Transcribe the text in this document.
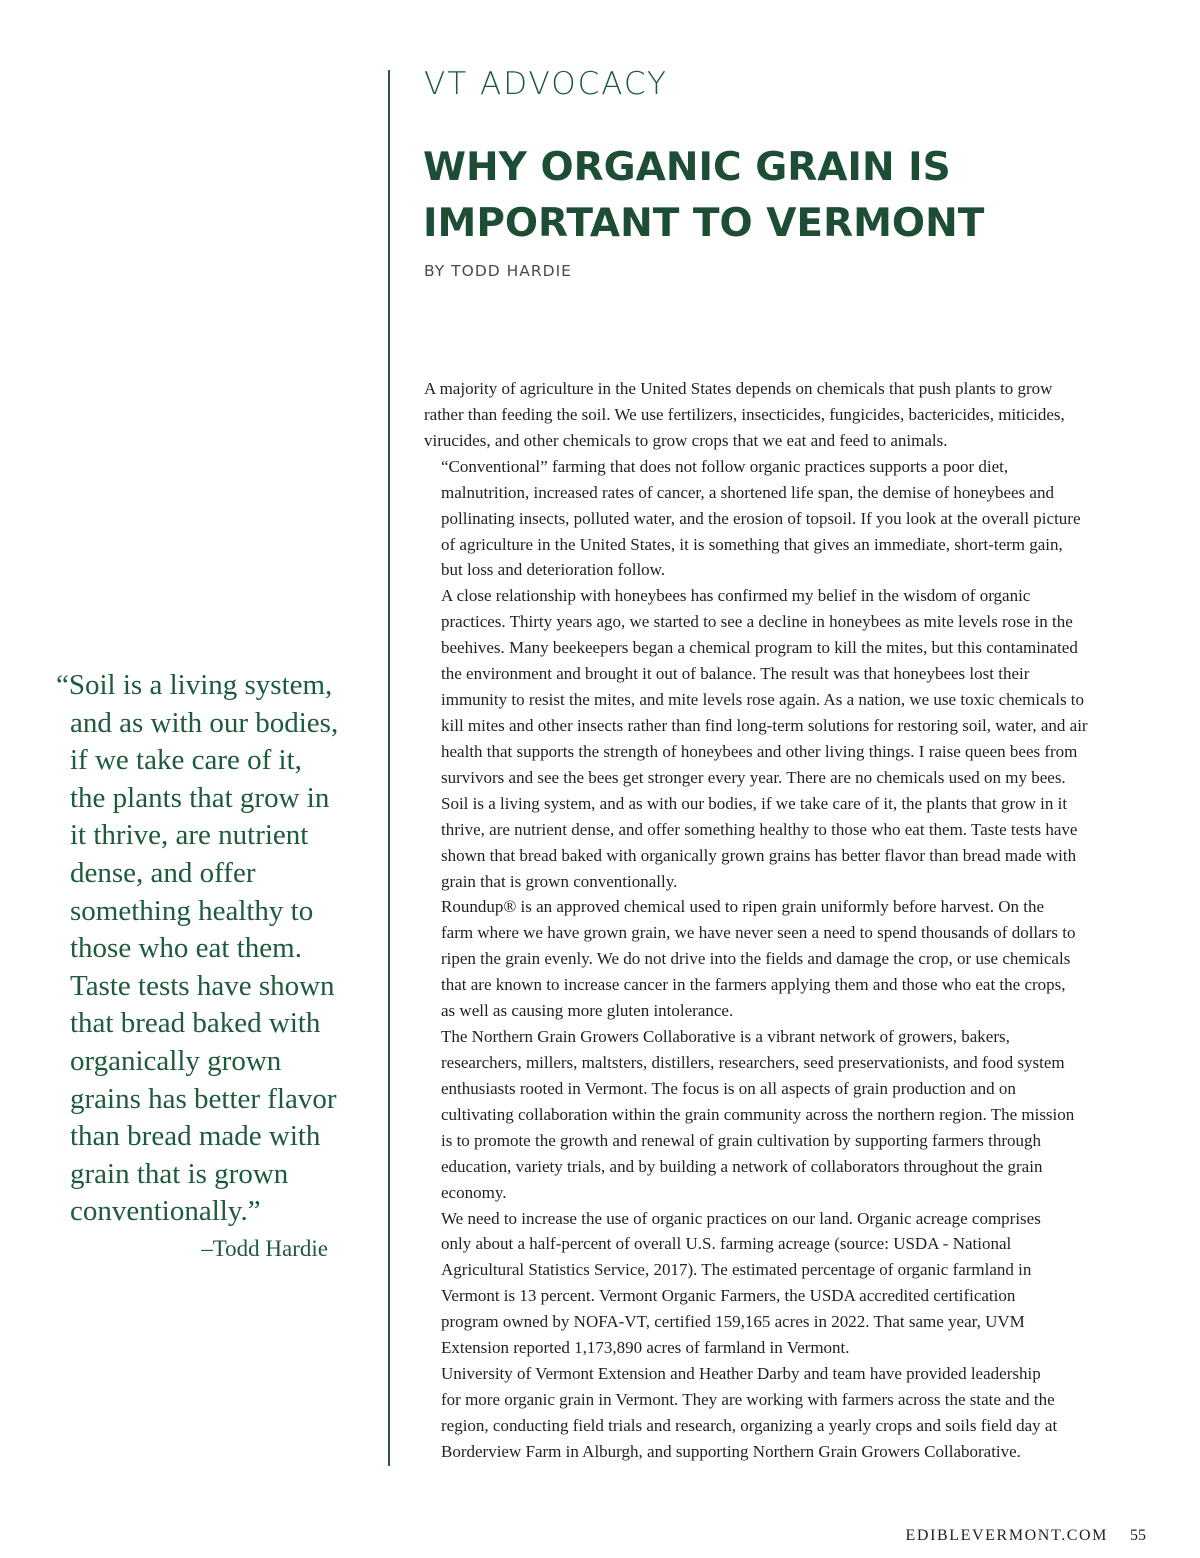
VT ADVOCACY
WHY ORGANIC GRAIN IS
IMPORTANT TO VERMONT
BY TODD HARDIE
“Soil is a living system,
and as with our bodies,
if we take care of it,
the plants that grow in
it thrive, are nutrient
dense, and offer
something healthy to
those who eat them.
Taste tests have shown
that bread baked with
organically grown
grains has better flavor
than bread made with
grain that is grown
conventionally.”
–Todd Hardie

A majority of agriculture in the United States depends on chemicals that push plants to grow
rather than feeding the soil. We use fertilizers, insecticides, fungicides, bactericides, miticides,
virucides, and other chemicals to grow crops that we eat and feed to animals.

“Conventional” farming that does not follow organic practices supports a poor diet,
malnutrition, increased rates of cancer, a shortened life span, the demise of honeybees and
pollinating insects, polluted water, and the erosion of topsoil. If you look at the overall picture
of agriculture in the United States, it is something that gives an immediate, short-term gain,
but loss and deterioration follow.

A close relationship with honeybees has confirmed my belief in the wisdom of organic
practices. Thirty years ago, we started to see a decline in honeybees as mite levels rose in the
beehives. Many beekeepers began a chemical program to kill the mites, but this contaminated
the environment and brought it out of balance. The result was that honeybees lost their
immunity to resist the mites, and mite levels rose again. As a nation, we use toxic chemicals to
kill mites and other insects rather than find long-term solutions for restoring soil, water, and air
health that supports the strength of honeybees and other living things. I raise queen bees from
survivors and see the bees get stronger every year. There are no chemicals used on my bees.

Soil is a living system, and as with our bodies, if we take care of it, the plants that grow in it
thrive, are nutrient dense, and offer something healthy to those who eat them. Taste tests have
shown that bread baked with organically grown grains has better flavor than bread made with
grain that is grown conventionally.

Roundup® is an approved chemical used to ripen grain uniformly before harvest. On the
farm where we have grown grain, we have never seen a need to spend thousands of dollars to
ripen the grain evenly. We do not drive into the fields and damage the crop, or use chemicals
that are known to increase cancer in the farmers applying them and those who eat the crops,
as well as causing more gluten intolerance.

The Northern Grain Growers Collaborative is a vibrant network of growers, bakers,
researchers, millers, maltsters, distillers, researchers, seed preservationists, and food system
enthusiasts rooted in Vermont. The focus is on all aspects of grain production and on
cultivating collaboration within the grain community across the northern region. The mission
is to promote the growth and renewal of grain cultivation by supporting farmers through
education, variety trials, and by building a network of collaborators throughout the grain
economy.

We need to increase the use of organic practices on our land. Organic acreage comprises
only about a half-percent of overall U.S. farming acreage (source: USDA - National
Agricultural Statistics Service, 2017). The estimated percentage of organic farmland in
Vermont is 13 percent. Vermont Organic Farmers, the USDA accredited certification
program owned by NOFA-VT, certified 159,165 acres in 2022. That same year, UVM
Extension reported 1,173,890 acres of farmland in Vermont.

University of Vermont Extension and Heather Darby and team have provided leadership
for more organic grain in Vermont. They are working with farmers across the state and the
region, conducting field trials and research, organizing a yearly crops and soils field day at
Borderview Farm in Alburgh, and supporting Northern Grain Growers Collaborative.

EDIBLEVERMONT.COM 55
